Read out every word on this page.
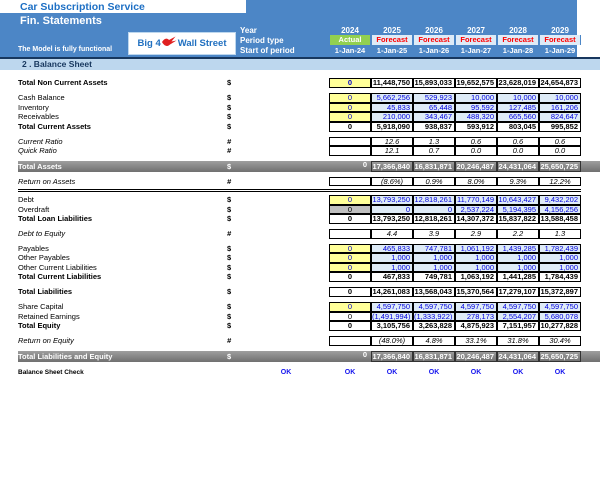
Car Subscription Service
Fin. Statements
The Model is fully functional
Big 4 Wall Street
Year	2024	2025	2026	2027	2028	2029
Period type	Actual	Forecast	Forecast	Forecast	Forecast	Forecast
Start of period	1-Jan-24	1-Jan-25	1-Jan-26	1-Jan-27	1-Jan-28	1-Jan-29
2 . Balance Sheet
Total Non Current Assets	$	0	11,448,750 15,893,033 19,652,575 23,628,019 24,654,873
Cash Balance	$	0	5,662,256	529,923	10,000	10,000	10,000
Inventory	$	0	45,833	65,448	95,592	127,485	161,206
Receivables	$	0	210,000	343,467	488,320	665,560	824,647
Total Current Assets	$	0	5,918,090	938,837	593,912	803,045	995,852
Current Ratio	#	12.6	1.3	0.6	0.6	0.6
Quick Ratio	#	12.1	0.7	0.0	0.0	0.0
Total Assets	$	0 17,366,840 16,831,871 20,246,487 24,431,064 25,650,725
Return on Assets	#	(8.6%)	0.9%	8.0%	9.3%	12.2%
Debt	$	0	13,793,250 12,818,261 11,770,149 10,643,427	9,432,202
Overdraft	$	0	0	0	2,537,224	5,194,395	4,156,256
Total Loan Liabilities	$	0	13,793,250 12,818,261 14,307,372 15,837,822 13,588,458
Debt to Equity	#	4.4	3.9	2.9	2.2	1.3
Payables	$	0	465,833	747,781	1,061,192	1,439,285	1,782,439
Other Payables	$	0	1,000	1,000	1,000	1,000	1,000
Other Current Liabilities	$	0	1,000	1,000	1,000	1,000	1,000
Total Current Liabilities	$	0	467,833	749,781	1,063,192	1,441,285	1,784,439
Total Liabilities	$	0	14,261,083 13,568,043 15,370,564 17,279,107 15,372,897
Share Capital	$	0	4,597,750	4,597,750	4,597,750	4,597,750	4,597,750
Retained Earnings	$	0	(1,491,994) (1,333,922)	278,173	2,554,207	5,680,078
Total Equity	$	0	3,105,756	3,263,828	4,875,923	7,151,957 10,277,828
Return on Equity	#	(48.0%)	4.8%	33.1%	31.8%	30.4%
Total Liabilities and Equity	$	0 17,366,840 16,831,871 20,246,487 24,431,064 25,650,725
Balance Sheet Check	OK	OK	OK	OK	OK	OK	OK
